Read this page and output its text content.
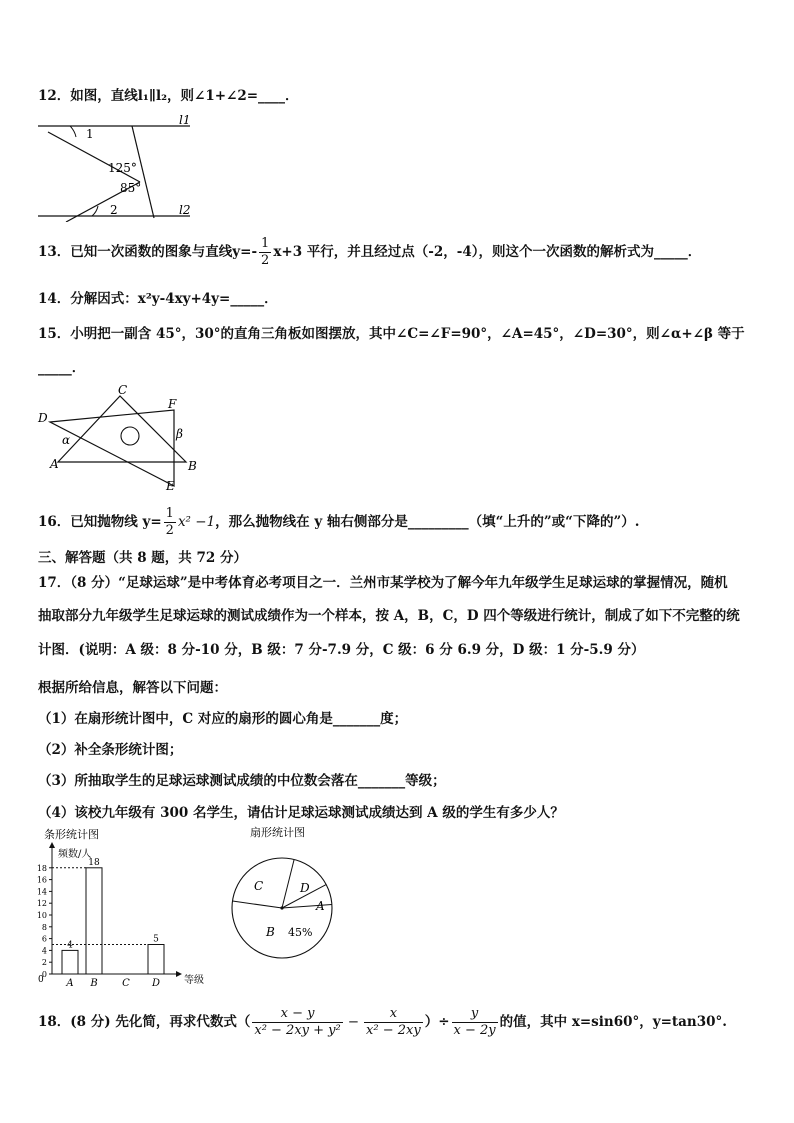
12．如图，直线l₁∥l₂，则∠1+∠2=____．
l1
l2
1
2
125°
85°
13．已知一次函数的图象与直线$y=- \frac{1}{2} x+3$ 平行，并且经过点（-2，-4），则这个一次函数的解析式为_____．
14．分解因式：x²y-4xy+4y=_____．
15．小明把一副含 45°，30°的直角三角板如图摆放，其中∠C=∠F=90°，∠A=45°，∠D=30°，则∠α+∠β 等于
_____．
C
F
D
A	B
E
α	β
16．已知抛物线 $y= \frac{1}{2} x^2 -1$，那么抛物线在 y 轴右侧部分是_________（填“上升的”或“下降的”）.
三、解答题（共 8 题，共 72 分）
17．（8 分）“足球运球”是中考体育必考项目之一．兰州市某学校为了解今年九年级学生足球运球的掌握情况，随机
抽取部分九年级学生足球运球的测试成绩作为一个样本，按 A，B，C，D 四个等级进行统计，制成了如下不完整的统
计图．(说明：A 级：8 分-10 分，B 级：7 分-7.9 分，C 级：6 分 6.9 分，D 级：1 分-5.9 分）
根据所给信息，解答以下问题：
（1）在扇形统计图中，C 对应的扇形的圆心角是_______度；
（2）补全条形统计图；
（3）所抽取学生的足球运球测试成绩的中位数会落在_______等级；
（4）该校九年级有 300 名学生，请估计足球运球测试成绩达到 A 级的学生有多少人？
条形统计图
频数/人
等级
0
2
4
6
8
10
12
14
16
18
4
A
18
B C
5
D
0
扇形统计图
C	D
A
B 45%
18．(8 分) 先化简，再求代数式（ $\frac{x - y}{\text{x² − 2xy + y²}} - \frac{x}{\text{x² − 2xy}}$ ）÷ $\frac{y}{x - 2y}$ 的值，其中 x=sin60°，y=tan30°.
